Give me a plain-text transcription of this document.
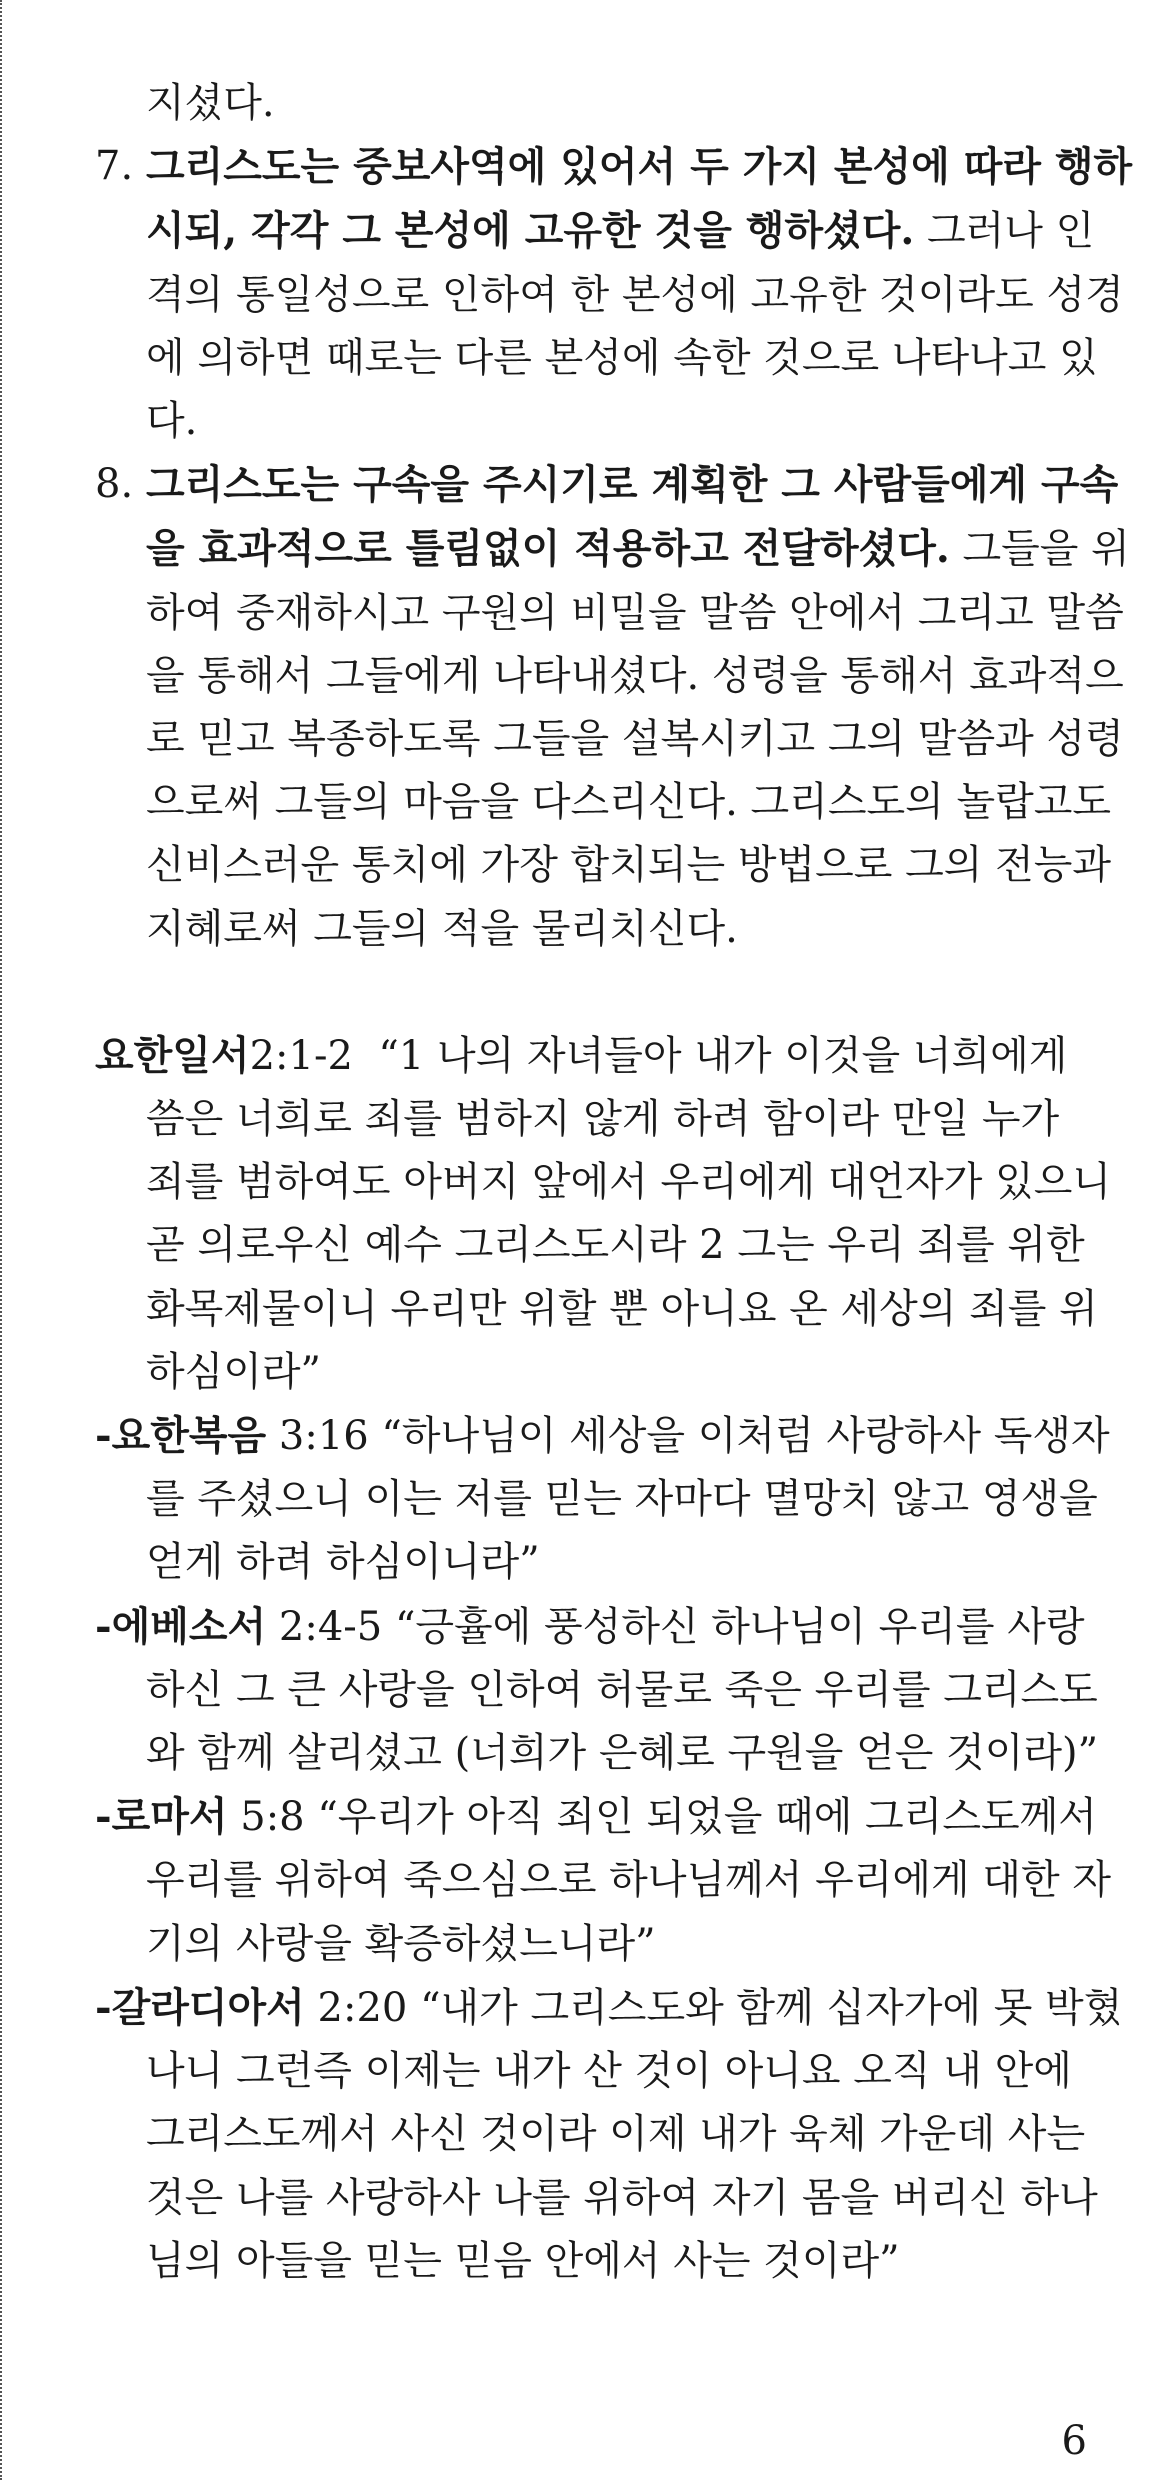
지셨다.

7. 그리스도는 중보사역에 있어서 두 가지 본성에 따라 행하
시되, 각각 그 본성에 고유한 것을 행하셨다. 그러나 인
격의 통일성으로 인하여 한 본성에 고유한 것이라도 성경
에 의하면 때로는 다른 본성에 속한 것으로 나타나고 있
다.
8. 그리스도는 구속을 주시기로 계획한 그 사람들에게 구속
을 효과적으로 틀림없이 적용하고 전달하셨다. 그들을 위
하여 중재하시고 구원의 비밀을 말씀 안에서 그리고 말씀
을 통해서 그들에게 나타내셨다. 성령을 통해서 효과적으
로 믿고 복종하도록 그들을 설복시키고 그의 말씀과 성령
으로써 그들의 마음을 다스리신다. 그리스도의 놀랍고도
신비스러운 통치에 가장 합치되는 방법으로 그의 전능과
지혜로써 그들의 적을 물리치신다.
요한일서2:1-2  “1 나의 자녀들아 내가 이것을 너희에게
씀은 너희로 죄를 범하지 않게 하려 함이라 만일 누가
죄를 범하여도 아버지 앞에서 우리에게 대언자가 있으니
곧 의로우신 예수 그리스도시라 2 그는 우리 죄를 위한
화목제물이니 우리만 위할 뿐 아니요 온 세상의 죄를 위
하심이라”
-요한복음 3:16 “하나님이 세상을 이처럼 사랑하사 독생자
를 주셨으니 이는 저를 믿는 자마다 멸망치 않고 영생을
얻게 하려 하심이니라”
-에베소서 2:4-5 “긍휼에 풍성하신 하나님이 우리를 사랑
하신 그 큰 사랑을 인하여 허물로 죽은 우리를 그리스도
와 함께 살리셨고 (너희가 은혜로 구원을 얻은 것이라)”
-로마서 5:8 “우리가 아직 죄인 되었을 때에 그리스도께서
우리를 위하여 죽으심으로 하나님께서 우리에게 대한 자
기의 사랑을 확증하셨느니라”
-갈라디아서 2:20 “내가 그리스도와 함께 십자가에 못 박혔
나니 그런즉 이제는 내가 산 것이 아니요 오직 내 안에
그리스도께서 사신 것이라 이제 내가 육체 가운데 사는
것은 나를 사랑하사 나를 위하여 자기 몸을 버리신 하나
님의 아들을 믿는 믿음 안에서 사는 것이라”
6
